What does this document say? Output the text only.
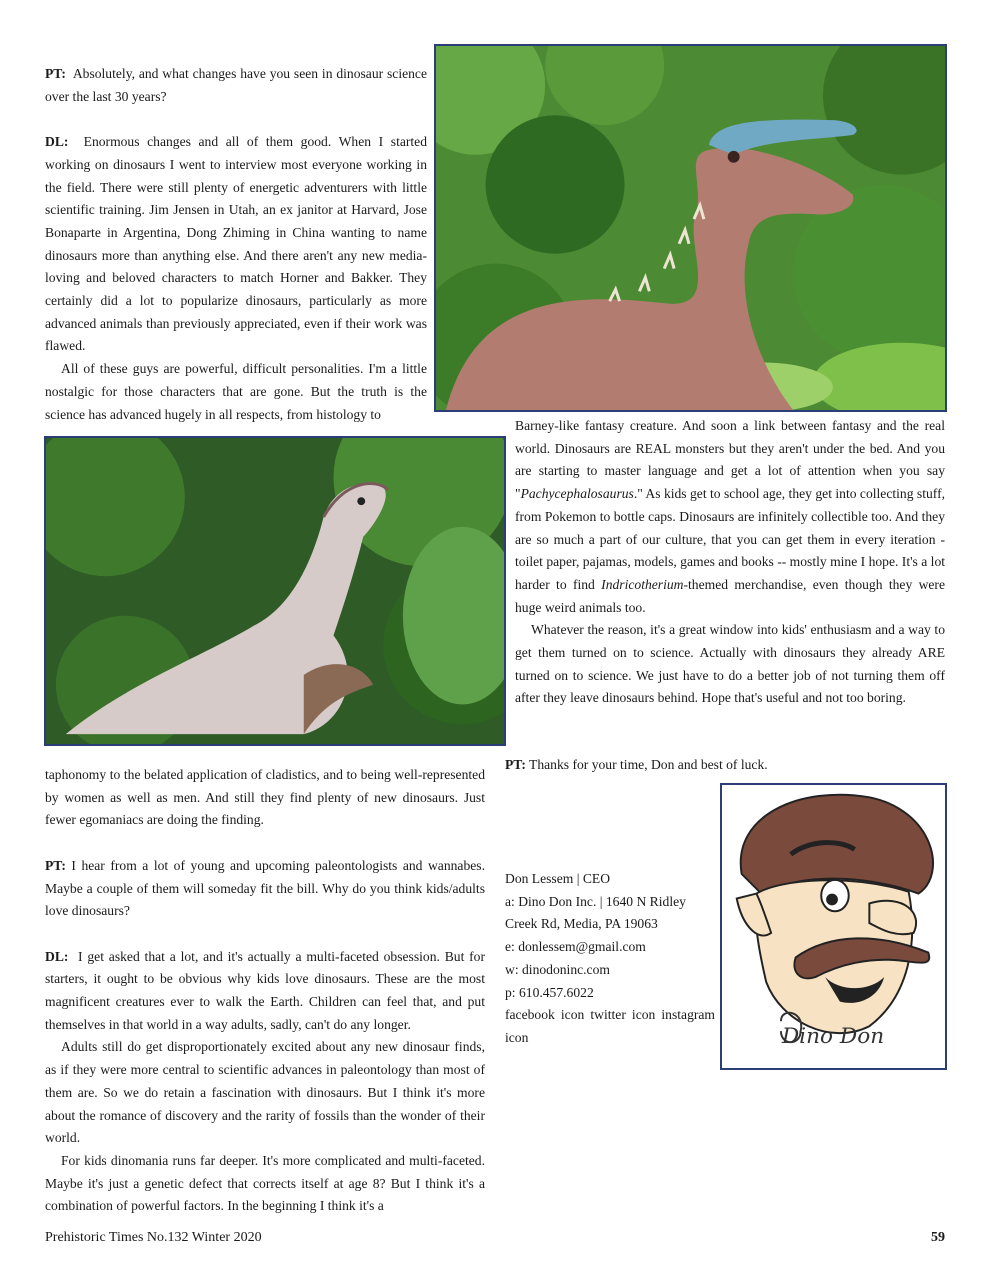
PT: Absolutely, and what changes have you seen in dinosaur science over the last 30 years?

DL: Enormous changes and all of them good. When I started working on dinosaurs I went to interview most everyone working in the field. There were still plenty of energetic adventurers with little scientific training. Jim Jensen in Utah, an ex janitor at Harvard, Jose Bonaparte in Argentina, Dong Zhiming in China wanting to name dinosaurs more than anything else. And there aren't any new media-loving and beloved characters to match Horner and Bakker. They certainly did a lot to popularize dinosaurs, particularly as more advanced animals than previously appreciated, even if their work was flawed.

All of these guys are powerful, difficult personalities. I'm a little nostalgic for those characters that are gone. But the truth is the science has advanced hugely in all respects, from histology to

taphonomy to the belated application of cladistics, and to being well-represented by women as well as men. And still they find plenty of new dinosaurs. Just fewer egomaniacs are doing the finding.

PT: I hear from a lot of young and upcoming paleontologists and wannabes. Maybe a couple of them will someday fit the bill. Why do you think kids/adults love dinosaurs?

DL: I get asked that a lot, and it's actually a multi-faceted obsession. But for starters, it ought to be obvious why kids love dinosaurs. These are the most magnificent creatures ever to walk the Earth. Children can feel that, and put themselves in that world in a way adults, sadly, can't do any longer.

Adults still do get disproportionately excited about any new dinosaur finds, as if they were more central to scientific advances in paleontology than most of them are. So we do retain a fascination with dinosaurs. But I think it's more about the romance of discovery and the rarity of fossils than the wonder of their world.

For kids dinomania runs far deeper. It's more complicated and multi-faceted. Maybe it's just a genetic defect that corrects itself at age 8? But I think it's a combination of powerful factors. In the beginning I think it's a

Barney-like fantasy creature. And soon a link between fantasy and the real world. Dinosaurs are REAL monsters but they aren't under the bed. And you are starting to master language and get a lot of attention when you say "Pachycephalosaurus." As kids get to school age, they get into collecting stuff, from Pokemon to bottle caps. Dinosaurs are infinitely collectible too. And they are so much a part of our culture, that you can get them in every iteration - toilet paper, pajamas, models, games and books -- mostly mine I hope. It's a lot harder to find Indricotherium-themed merchandise, even though they were huge weird animals too.

Whatever the reason, it's a great window into kids' enthusiasm and a way to get them turned on to science. Actually with dinosaurs they already ARE turned on to science. We just have to do a better job of not turning them off after they leave dinosaurs behind. Hope that's useful and not too boring.

PT: Thanks for your time, Don and best of luck.

Don Lessem | CEO
a: Dino Don Inc. | 1640 N Ridley Creek Rd, Media, PA 19063
e: donlessem@gmail.com
w: dinodoninc.com
p: 610.457.6022
facebook icon twitter icon instagram icon	Dino Don
Prehistoric Times No.132 Winter 2020	59
